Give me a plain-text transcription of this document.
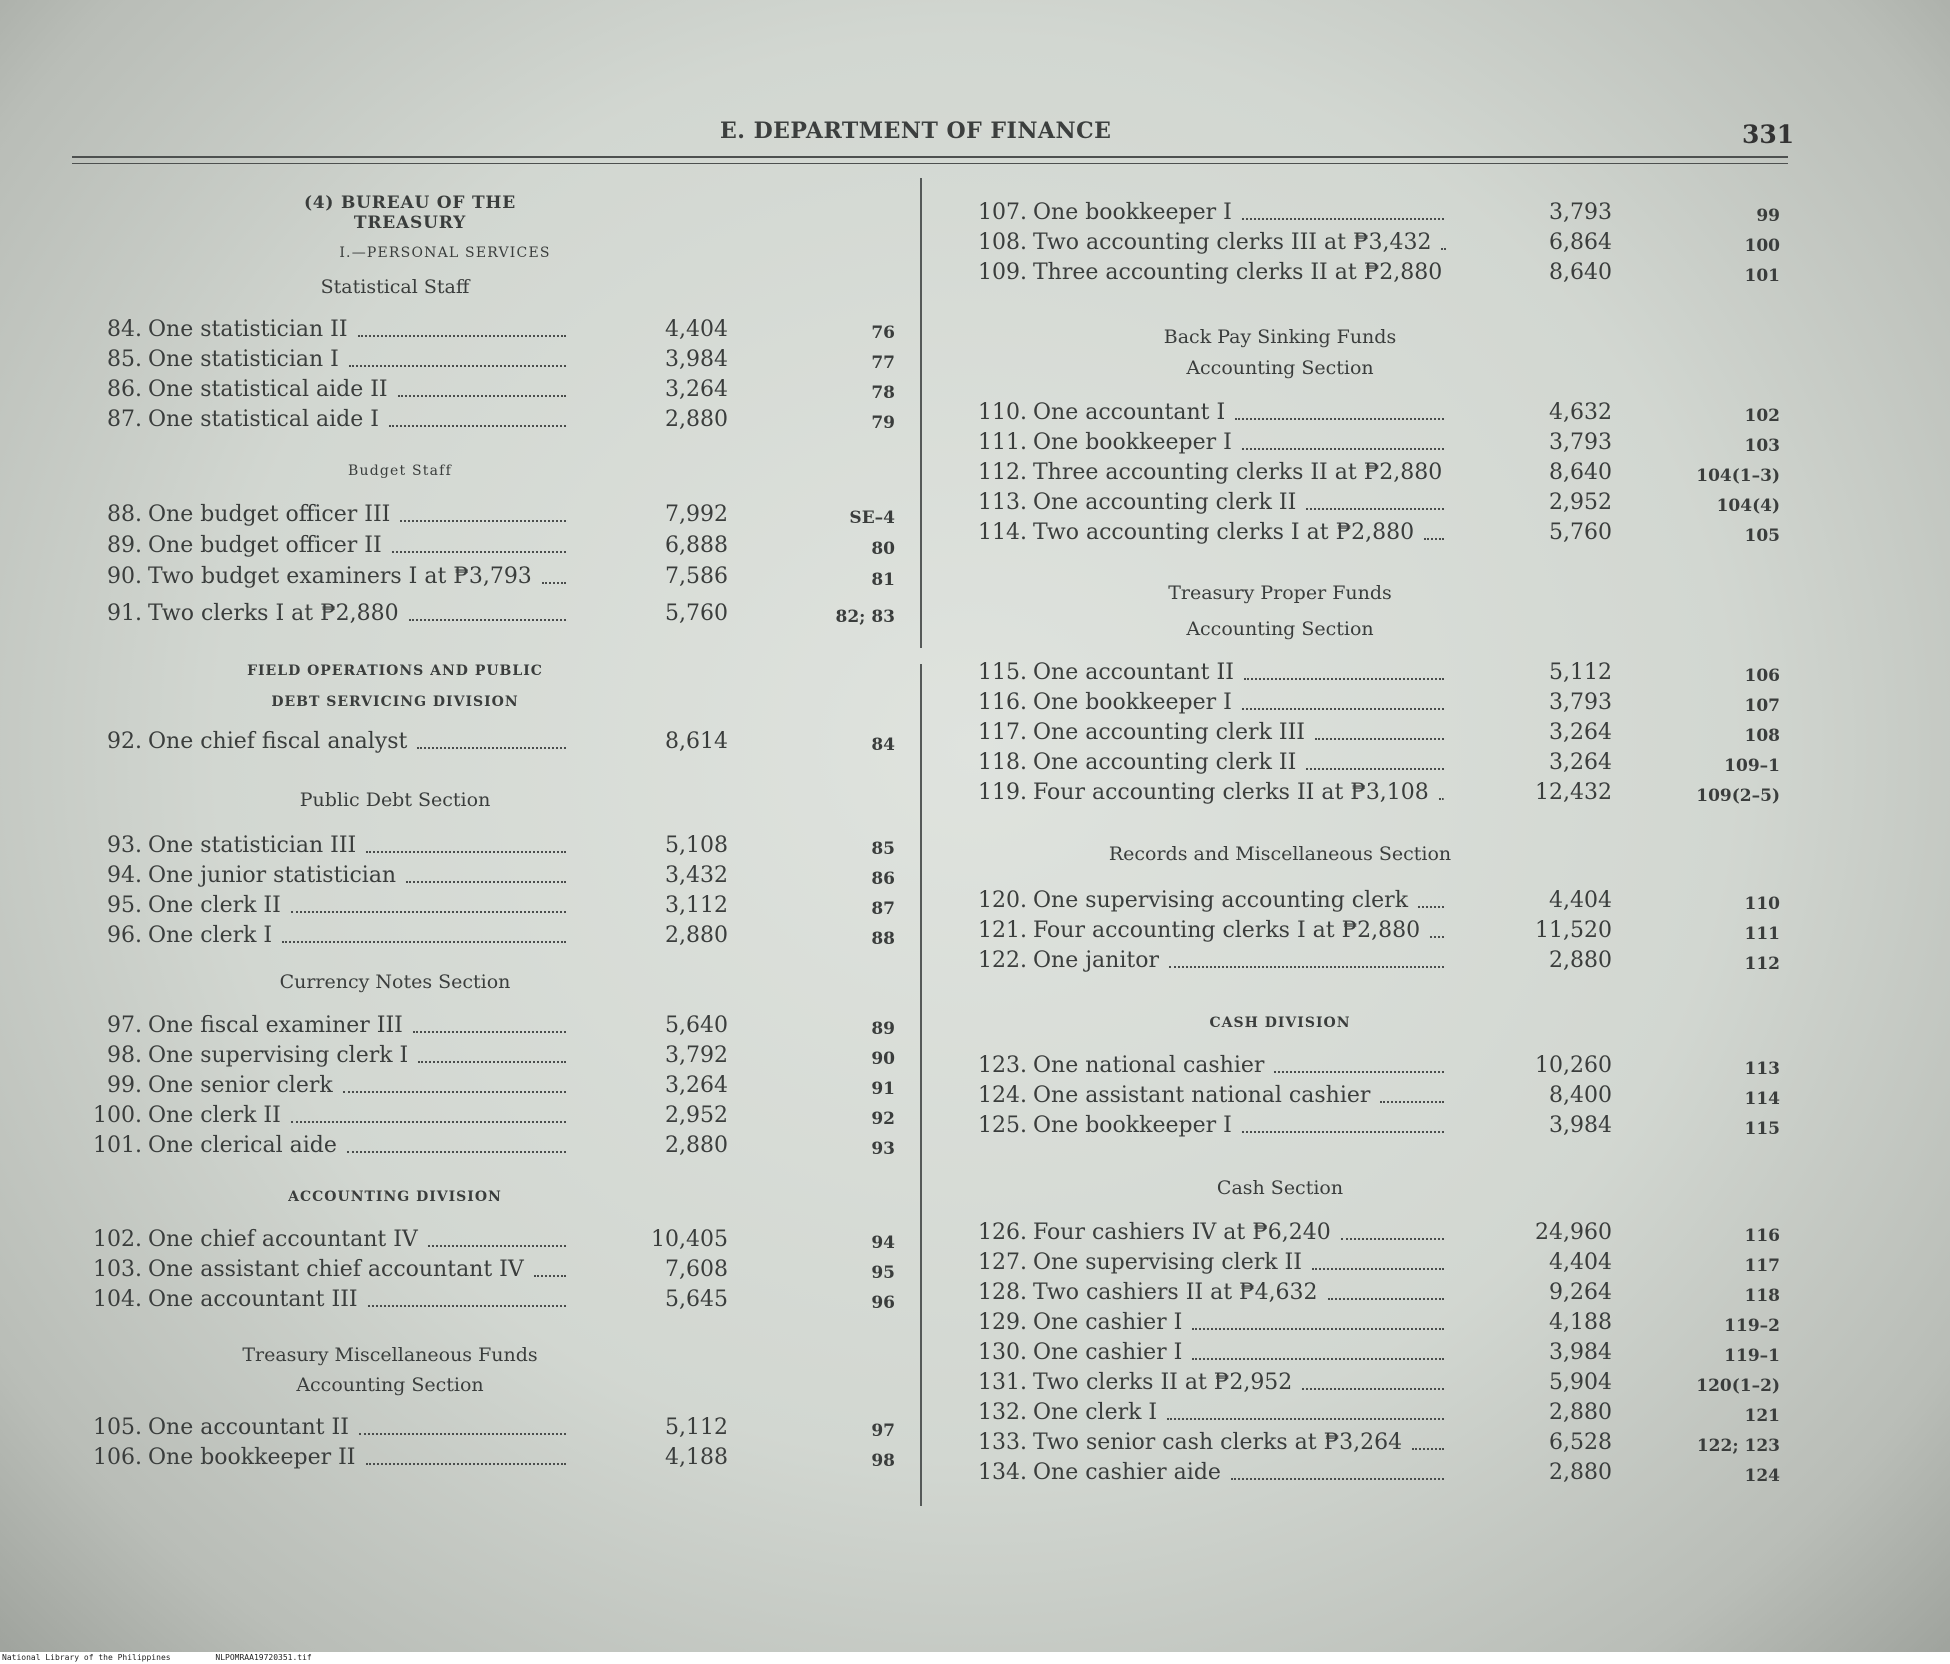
E. DEPARTMENT OF FINANCE	331
(4) BUREAU OF THE TREASURY
I.—PERSONAL SERVICES
Statistical Staff
Budget Staff
FIELD OPERATIONS AND PUBLIC
DEBT SERVICING DIVISION
Public Debt Section
Currency Notes Section
ACCOUNTING DIVISION
Treasury Miscellaneous Funds
Accounting Section
Back Pay Sinking Funds
Accounting Section
Treasury Proper Funds
Accounting Section
Records and Miscellaneous Section
CASH DIVISION
Cash Section
84. One statistician II	4,404	76
85. One statistician I	3,984	77
86. One statistical aide II	3,264	78
87. One statistical aide I	2,880	79
88. One budget officer III	7,992	SE–4
89. One budget officer II	6,888	80
90. Two budget examiners I at ₱3,793	7,586	81
91. Two clerks I at ₱2,880	5,760	82; 83
92. One chief fiscal analyst	8,614	84
93. One statistician III	5,108	85
94. One junior statistician	3,432	86
95. One clerk II	3,112	87
96. One clerk I	2,880	88
97. One fiscal examiner III	5,640	89
98. One supervising clerk I	3,792	90
99. One senior clerk	3,264	91
100. One clerk II	2,952	92
101. One clerical aide	2,880	93
102. One chief accountant IV	10,405	94
103. One assistant chief accountant IV	7,608	95
104. One accountant III	5,645	96
105. One accountant II	5,112	97
106. One bookkeeper II	4,188	98
107. One bookkeeper I	3,793	99
108. Two accounting clerks III at ₱3,432	6,864	100
109. Three accounting clerks II at ₱2,880	8,640	101
110. One accountant I	4,632	102
111. One bookkeeper I	3,793	103
112. Three accounting clerks II at ₱2,880	8,640	104(1–3)
113. One accounting clerk II	2,952	104(4)
114. Two accounting clerks I at ₱2,880	5,760	105
115. One accountant II	5,112	106
116. One bookkeeper I	3,793	107
117. One accounting clerk III	3,264	108
118. One accounting clerk II	3,264	109–1
119. Four accounting clerks II at ₱3,108	12,432	109(2–5)
120. One supervising accounting clerk	4,404	110
121. Four accounting clerks I at ₱2,880	11,520	111
122. One janitor	2,880	112
123. One national cashier	10,260	113
124. One assistant national cashier	8,400	114
125. One bookkeeper I	3,984	115
126. Four cashiers IV at ₱6,240	24,960	116
127. One supervising clerk II	4,404	117
128. Two cashiers II at ₱4,632	9,264	118
129. One cashier I	4,188	119–2
130. One cashier I	3,984	119–1
131. Two clerks II at ₱2,952	5,904	120(1–2)
132. One clerk I	2,880	121
133. Two senior cash clerks at ₱3,264	6,528	122; 123
134. One cashier aide	2,880	124
National Library of the Philippines	NLPOMRAA19720351.tif
